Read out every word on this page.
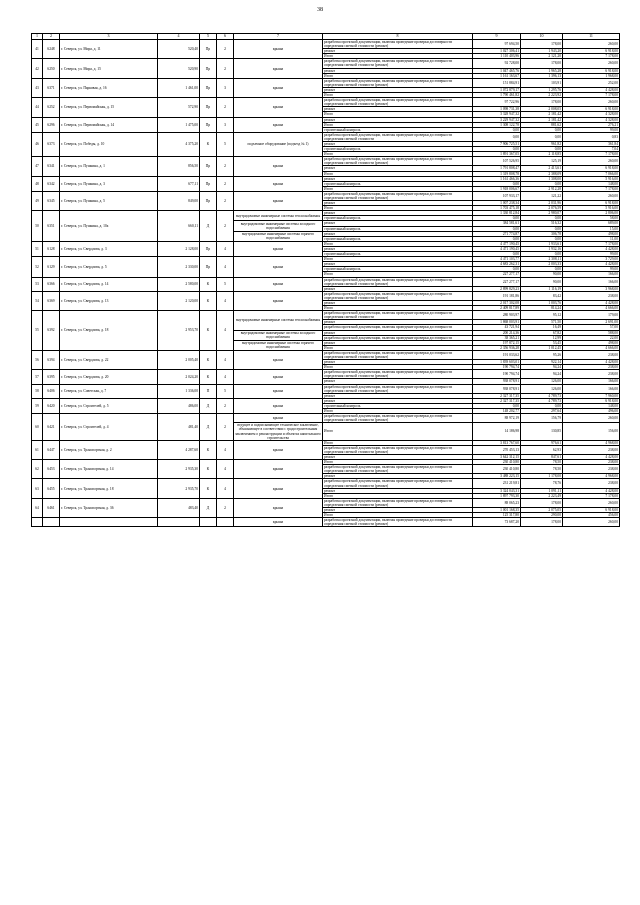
38
1	2	3	4	5	6	7	8	9	10	11
41	6248	г. Северск, ул. Мира, д. 11	520,40	Пр	2	крыша	разработка проектной документации, включая проведение проверки достоверности определения сметной стоимости (ремонт)	97 694,50	178,00	260,00
							ремонт	1 027 306,41	1 943,20	6 918,00
							Итого	1 110 403,96	2 121,20	7 178,00
42	6250	г. Северск, ул. Мира, д. 15	520,90	Пр	2	крыша	разработка проектной документации, включая проведение проверки достоверности определения сметной стоимости (ремонт)	92 728,00	178,00	260,00
							ремонт	1 047 465,76	1 965,28	6 918,00
							Итого	1 161 163,67	1 396,13	1 968,00
43	6371	г. Северск, ул. Парковая, д. 16	1 461,00	Пр	3	крыша	разработка проектной документации, включая проведение проверки достоверности определения сметной стоимости (ремонт)	151 884,91	103,91	252,00
							ремонт	1 072 879,17	1 295,76	4 428,00
							Итого	1 790 461,82	2 223,92	7 178,00
44	6252	г. Северск, ул. Первомайская, д. 15	572,90	Пр	2	крыша	разработка проектной документации, включая проведение проверки достоверности определения сметной стоимости (ремонт)	97 722,96	178,00	260,00
							ремонт	1 098 731,38	2 008,05	6 918,00
							Итого	3 328 947,32	2 181,42	4 328,00
45	6296	г. Северск, ул. Первомайская, д. 14	1 475,00	Пр	3	крыша	ремонт	3 229 947,32	2 181,42	4 328,00
							Итого	1 308 122,78	881,62	276,21
							строительный контроль	0,00	0,00	99,00
46	6373	г. Северск, ул. Победы, д. 10	4 375,20	К	5	подъемное оборудование (подъезд № 1)	разработка проектной документации, включая проведение проверки достоверности определения сметной стоимости	0,00	0,00	0,83
							ремонт	7 906 725,51	961,82	361,84
							строительный контроль	0,00	0,00	7,04
							Итого	1 891 367,05	2 118,85	7 178,00
47	6341	г. Северск, ул. Пушкина, д. 1	856,50	Пр	2	крыша	разработка проектной документации, включая проведение проверки достоверности определения сметной стоимости (ремонт)	107 526,95	125,19	260,00
							ремонт	1 791 808,47	2 413,61	6 918,00
							Итого	1 319 808,78	2 388,09	7 066,00
48	6342	г. Северск, ул. Пушкина, д. 3	677,11	Пр	2	крыша	ремонт	1 161 466,36	1 308,00	5 916,00
							строительный контроль	0,00	0,00	148,00
							Итого	1 918 006,67	2 912,28	7 178,00
49	6345	г. Северск, ул. Пушкина, д. 5	849,00	Пр	2	крыша	разработка проектной документации, включая проведение проверки достоверности определения сметной стоимости (ремонт)	107 933,17	121,22	260,00
							ремонт	1 007 238,34	2 031,96	6 918,00
							Итого	1 703 475,18	2 076,59	5 916,00
50	6351	г. Северск, ул. Пушкина, д. 10а	660,11	Д	2	внутридомовые инженерные системы теплоснабжения	ремонт	1 330 812,84	2 980,07	2 806,00
							строительный контроль	0,00	0,00	58,00
						внутридомовые инженерные системы холодного водоснабжения	ремонт	384 581,61	516,32	689,00
							строительный контроль	0,00	0,00	15,00
						внутридомовые инженерные системы горячего водоснабжения	ремонт	271 774,87	306,78	498,00
							строительный контроль	0,00	0,00	11,00
51	6128	г. Северск, ул. Свердлова, д. 3	2 128,00	Пр	4	крыша	Итого	4 477 190,45	1 933,61	7 178,00
							ремонт	4 471 190,45	1 932,16	4 428,00
							строительный контроль	0,00	0,00	99,00
52	6129	г. Северск, ул. Свердлова, д. 5	2 330,00	Пр	4	крыша	Итого	4 471 103,77	2 308,11	3 729,00
							ремонт	4 683 262,31	2 003,33	4 428,00
							строительный контроль	0,00	0,00	99,00
							Итого	227 277,17	90,00	166,00
53	6366	г. Северск, ул. Свердлова, д. 14	2 580,00	К	5	крыша	разработка проектной документации, включая проведение проверки достоверности определения сметной стоимости (ремонт)	227 277,17	90,00	166,00
							ремонт	2 899 829,23	1 116,19	3 968,00
54	6369	г. Северск, ул. Свердлова, д. 13	2 120,00	К	4	крыша	разработка проектной документации, включая проведение проверки достоверности определения сметной стоимости (ремонт)	191 181,86	83,42	238,00
							ремонт	2 017 302,08	1 003,76	4 428,00
							Итого	2 409 817,89	814,24	4 666,00
55	6392	г. Северск, ул. Свердлова, д. 18	2 953,70	К	4	внутридомовые инженерные системы теплоснабжения	разработка проектной документации, включая проведение проверки достоверности определения сметной стоимости	280 903,97	95,12	179,00
							ремонт	1 868 003,91	571,50	2 691,00
							разработка проектной документации, включая проведение проверки достоверности	43 721,94	16,49	57,00
						внутридомовые инженерные системы холодного водоснабжения	ремонт	200 214,36	67,82	588,00
							разработка проектной документации, включая проведение проверки достоверности	38 365,21	12,99	22,00
						внутридомовые инженерные системы горячего водоснабжения	ремонт	197 872,15	53,45	498,00
							Итого	2 356 936,28	1 012,45	4 666,00
56	6394	г. Северск, ул. Свердлова, д. 22	2 005,40	К	4	крыша	разработка проектной документации, включая проведение проверки достоверности определения сметной стоимости (ремонт)	191 033,62	95,26	238,00
							ремонт	1 839 603,01	922,14	4 428,00
							Итого	190 794,74	94,24	238,00
57	6395	г. Северск, ул. Свердлова, д. 20	2 024,20	К	4	крыша	разработка проектной документации, включая проведение проверки достоверности определения сметной стоимости (ремонт)	190 794,74	94,24	238,00
							ремонт	938 078,91	126,00	166,00
58	6406	г. Северск, ул. Советская, д. 7	1 336,00	П	5	крыша	разработка проектной документации, включая проведение проверки достоверности определения сметной стоимости (ремонт)	938 078,91	126,00	166,00
							ремонт	2 327 317,35	4 789,73	7 960,00
59	6420	г. Северск, ул. Строителей, д. 5	486,00	Д	2	крыша	ремонт	2 327 317,35	4 789,73	6 918,00
							строительный контроль	0,00	0,00	148,00
							Итого	148 202,77	297,64	496,00
60	6421	г. Северск, ул. Строителей, д. 4	481,40	Д	2	крыша	разработка проектной документации, включая проведение проверки достоверности определения сметной стоимости (ремонт)	88 972,19	156,79	260,00
						ведущее и подписывающее техническое заключение, объясняющее в соответствии с градостроительным заключением о реконструкции и объектах капитального строительства	Итого	14 186,98	130,85	156,00
61	6447	г. Северск, ул. Транспортная, д. 2	4 287,60	К	4	крыша	Итого	3 813 767,60	976,61	4 968,00
							разработка проектной документации, включая проведение проверки достоверности определения сметной стоимости (ремонт)	270 453,13	62,93	238,00
							ремонт	3 642 312,15	847,61	4 428,00
62	6453	г. Северск, ул. Транспортная, д. 14	2 935,30	К	4	крыша	Итого	230 410,80	78,50	238,00
							разработка проектной документации, включая проведение проверки достоверности определения сметной стоимости (ремонт)	230 410,80	78,50	238,00
							ремонт	3 488 223,15	1 178,00	4 968,00
63	6455	г. Северск, ул. Транспортная, д. 18	2 935,70	К	4	крыша	разработка проектной документации, включая проведение проверки достоверности определения сметной стоимости (ремонт)	231 219,81	78,76	238,00
							ремонт	3 324 043,31	1 091,11	4 428,00
							Итого	1 897 793,30	2 223,49	7 178,00
64	6461	г. Северск, ул. Транспортная, д. 36	483,40	Д	2	крыша	разработка проектной документации, включая проведение проверки достоверности определения сметной стоимости (ремонт)	88 065,23	178,00	260,00
							ремонт	1 001 168,35	2 075,05	6 918,00
							Итого	125 317,80	290,00	456,00
						крыша	разработка проектной документации, включая проведение проверки достоверности определения сметной стоимости (ремонт)	73 687,20	178,00	260,00
